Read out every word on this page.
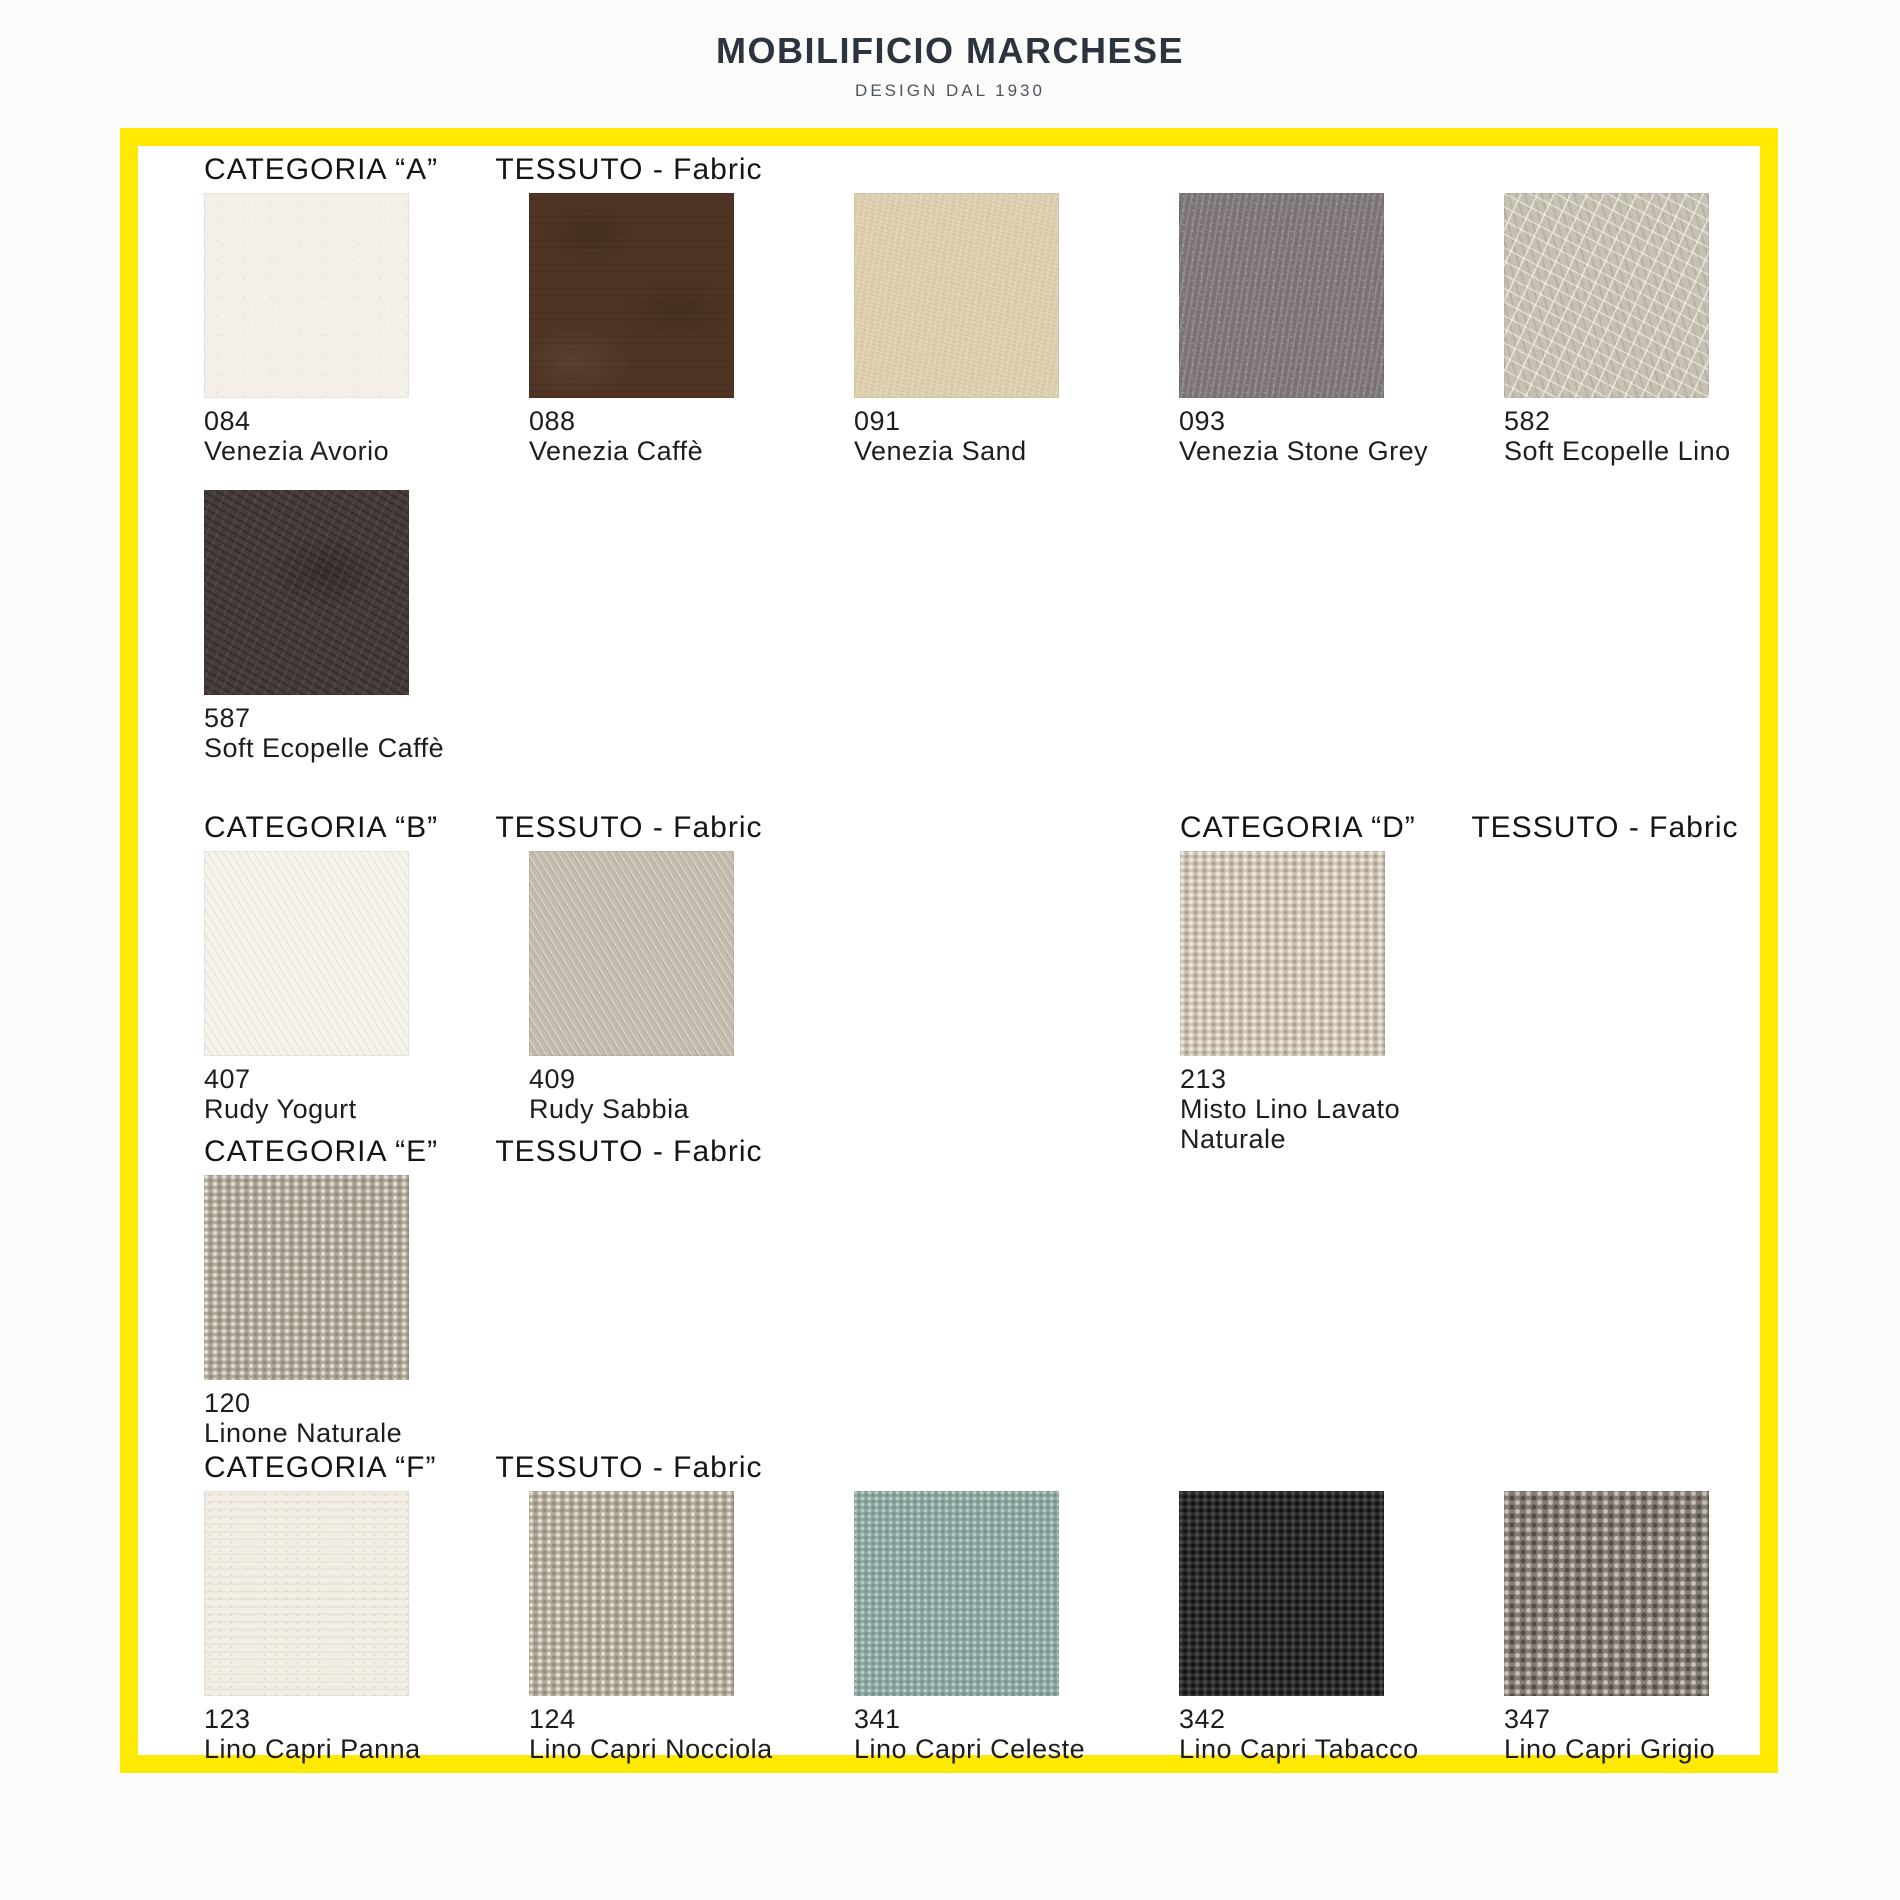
MOBILIFICIO MARCHESE
DESIGN DAL 1930
CATEGORIA “A” TESSUTO - Fabric
084
Venezia Avorio
088
Venezia Caffè
091
Venezia Sand
093
Venezia Stone Grey
582
Soft Ecopelle Lino
587
Soft Ecopelle Caffè
CATEGORIA “B” TESSUTO - Fabric
407
Rudy Yogurt
409
Rudy Sabbia
CATEGORIA “D” TESSUTO - Fabric
213
Misto Lino Lavato Naturale
CATEGORIA “E” TESSUTO - Fabric
120
Linone Naturale
CATEGORIA “F” TESSUTO - Fabric
123
Lino Capri Panna
124
Lino Capri Nocciola
341
Lino Capri Celeste
342
Lino Capri Tabacco
347
Lino Capri Grigio
